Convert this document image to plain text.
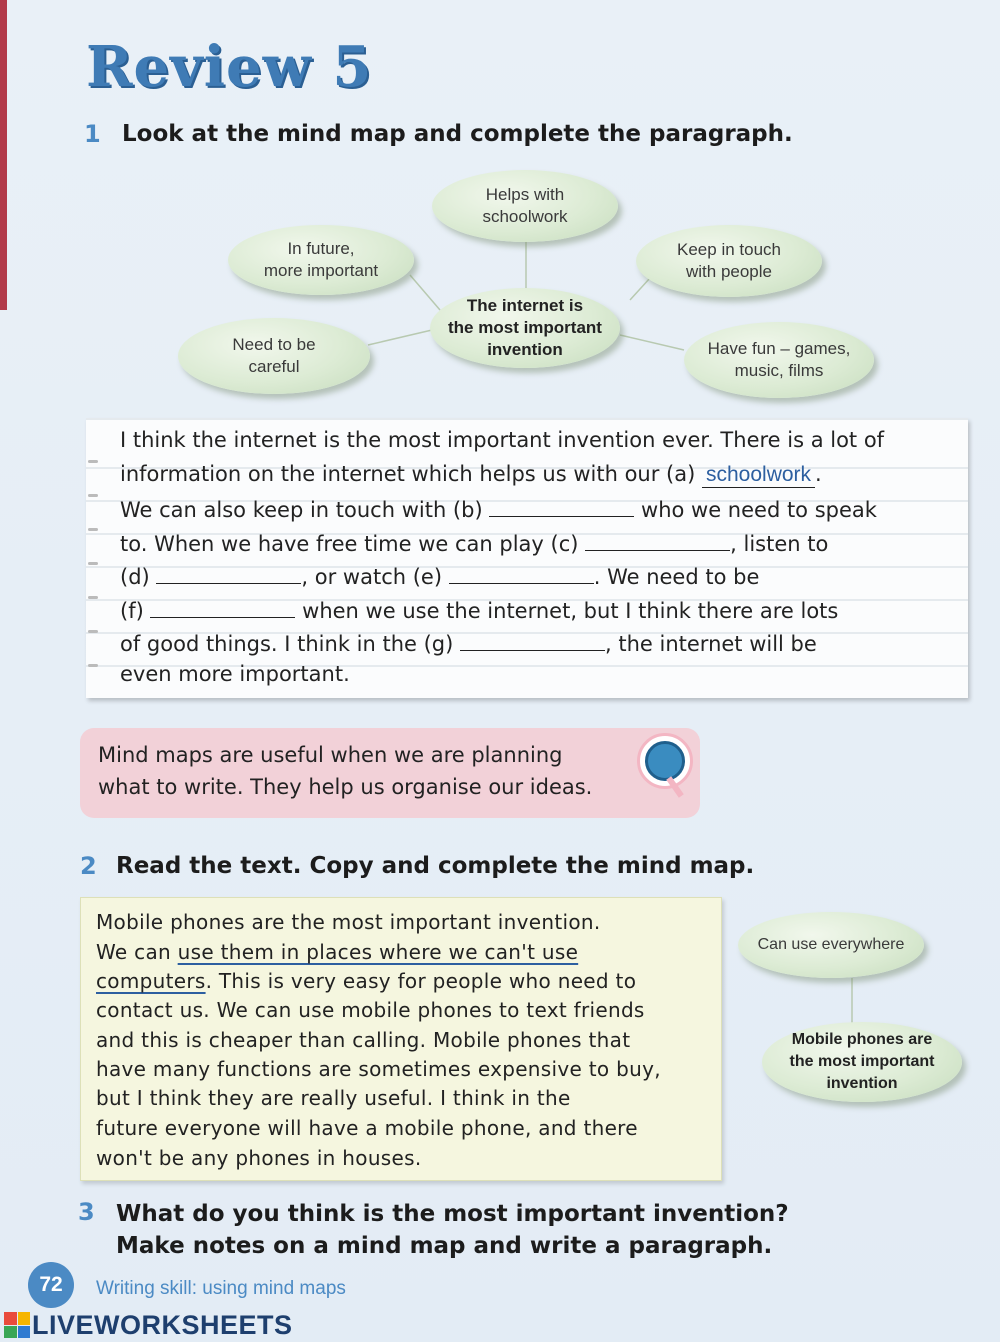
Review 5
1 Look at the mind map and complete the paragraph.
Helps with
schoolwork
In future,
more important
Keep in touch
with people
The internet is
the most important
invention
Need to be
careful
Have fun – games,
music, films
I think the internet is the most important invention ever. There is a lot of
information on the internet which helps us with our (a) schoolwork .
We can also keep in touch with (b)	who we need to speak
to. When we have free time we can play (c)	, listen to
(d)	, or watch (e)	. We need to be
(f)	when we use the internet, but I think there are lots
of good things. I think in the (g)	, the internet will be
even more important.
Mind maps are useful when we are planning
what to write. They help us organise our ideas.
2 Read the text. Copy and complete the mind map.
Mobile phones are the most important invention.
We can use them in places where we can't use
computers. This is very easy for people who need to
contact us. We can use mobile phones to text friends
and this is cheaper than calling. Mobile phones that
have many functions are sometimes expensive to buy,
but I think they are really useful. I think in the
future everyone will have a mobile phone, and there
won't be any phones in houses.
Can use everywhere
Mobile phones are
the most important
invention
3 What do you think is the most important invention?
Make notes on a mind map and write a paragraph.
72	Writing skill: using mind maps
LIVEWORKSHEETS
